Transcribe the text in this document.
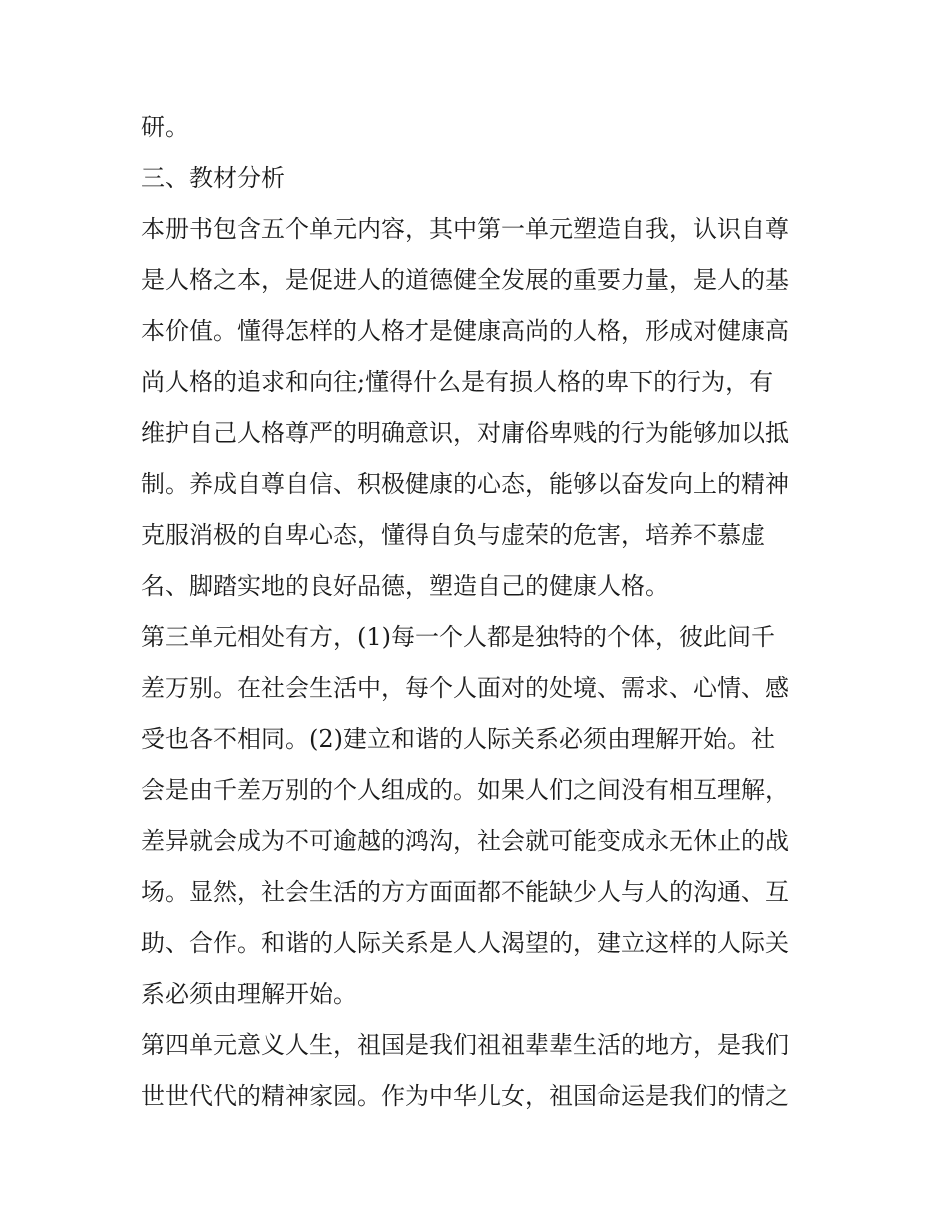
研。
三、教材分析
本册书包含五个单元内容，其中第一单元塑造自我，认识自尊
是人格之本，是促进人的道德健全发展的重要力量，是人的基
本价值。懂得怎样的人格才是健康高尚的人格，形成对健康高
尚人格的追求和向往;懂得什么是有损人格的卑下的行为，有
维护自己人格尊严的明确意识，对庸俗卑贱的行为能够加以抵
制。养成自尊自信、积极健康的心态，能够以奋发向上的精神
克服消极的自卑心态，懂得自负与虚荣的危害，培养不慕虚
名、脚踏实地的良好品德，塑造自己的健康人格。
第三单元相处有方，(1)每一个人都是独特的个体，彼此间千
差万别。在社会生活中，每个人面对的处境、需求、心情、感
受也各不相同。(2)建立和谐的人际关系必须由理解开始。社
会是由千差万别的个人组成的。如果人们之间没有相互理解，
差异就会成为不可逾越的鸿沟，社会就可能变成永无休止的战
场。显然，社会生活的方方面面都不能缺少人与人的沟通、互
助、合作。和谐的人际关系是人人渴望的，建立这样的人际关
系必须由理解开始。
第四单元意义人生，祖国是我们祖祖辈辈生活的地方，是我们
世世代代的精神家园。作为中华儿女，祖国命运是我们的情之
